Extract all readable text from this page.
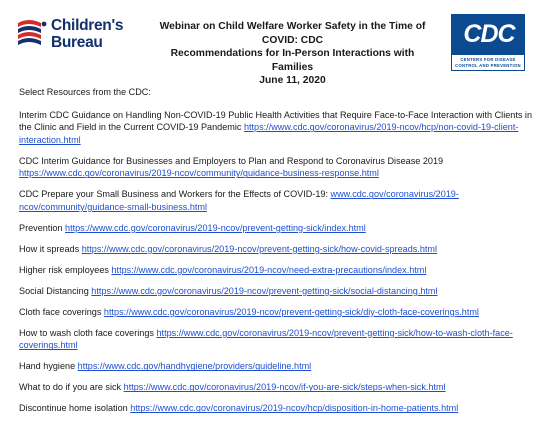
Children's
Bureau
Webinar on Child Welfare Worker Safety in the Time of COVID: CDC
Recommendations for In-Person Interactions with Families
June 11, 2020
CDC
CENTERS FOR DISEASE
CONTROL AND PREVENTION
Select Resources from the CDC:
Interim CDC Guidance on Handling Non-COVID-19 Public Health Activities that Require Face-to-Face Interaction with Clients in the Clinic and Field in the Current COVID-19 Pandemic https://www.cdc.gov/coronavirus/2019-ncov/hcp/non-covid-19-client-interaction.html
CDC Interim Guidance for Businesses and Employers to Plan and Respond to Coronavirus Disease 2019 https://www.cdc.gov/coronavirus/2019-ncov/community/guidance-business-response.html
CDC Prepare your Small Business and Workers for the Effects of COVID-19: www.cdc.gov/coronavirus/2019-ncov/community/guidance-small-business.html
Prevention https://www.cdc.gov/coronavirus/2019-ncov/prevent-getting-sick/index.html
How it spreads https://www.cdc.gov/coronavirus/2019-ncov/prevent-getting-sick/how-covid-spreads.html
Higher risk employees https://www.cdc.gov/coronavirus/2019-ncov/need-extra-precautions/index.html
Social Distancing https://www.cdc.gov/coronavirus/2019-ncov/prevent-getting-sick/social-distancing.html
Cloth face coverings https://www.cdc.gov/coronavirus/2019-ncov/prevent-getting-sick/diy-cloth-face-coverings.html
How to wash cloth face coverings https://www.cdc.gov/coronavirus/2019-ncov/prevent-getting-sick/how-to-wash-cloth-face-coverings.html
Hand hygiene https://www.cdc.gov/handhygiene/providers/guideline.html
What to do if you are sick https://www.cdc.gov/coronavirus/2019-ncov/if-you-are-sick/steps-when-sick.html
Discontinue home isolation https://www.cdc.gov/coronavirus/2019-ncov/hcp/disposition-in-home-patients.html
